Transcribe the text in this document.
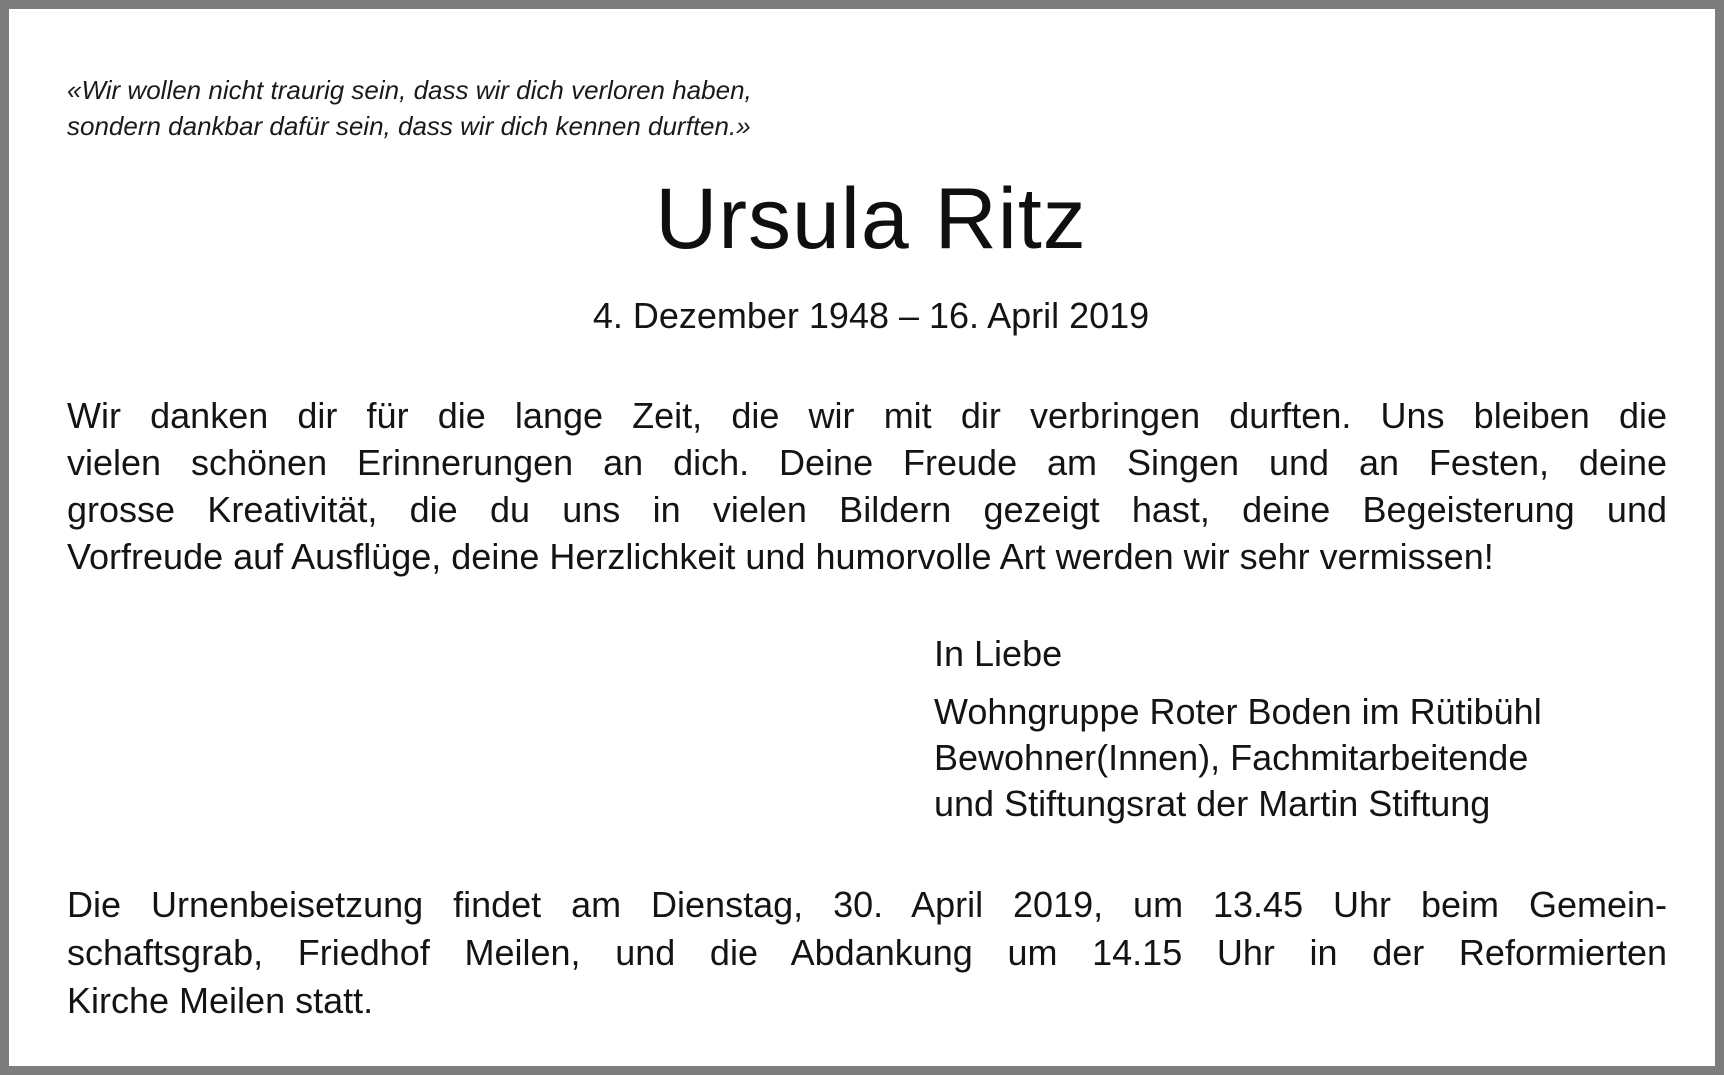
«Wir wollen nicht traurig sein, dass wir dich verloren haben,
sondern dankbar dafür sein, dass wir dich kennen durften.»
Ursula Ritz
4. Dezember 1948 – 16. April 2019
Wir danken dir für die lange Zeit, die wir mit dir verbringen durften. Uns bleiben die
vielen schönen Erinnerungen an dich. Deine Freude am Singen und an Festen, deine
grosse Kreativität, die du uns in vielen Bildern gezeigt hast, deine Begeisterung und
Vorfreude auf Ausflüge, deine Herzlichkeit und humorvolle Art werden wir sehr vermissen!
In Liebe
Wohngruppe Roter Boden im Rütibühl
Bewohner(Innen), Fachmitarbeitende
und Stiftungsrat der Martin Stiftung
Die Urnenbeisetzung findet am Dienstag, 30. April 2019, um 13.45 Uhr beim Gemein-
schaftsgrab, Friedhof Meilen, und die Abdankung um 14.15 Uhr in der Reformierten
Kirche Meilen statt.
